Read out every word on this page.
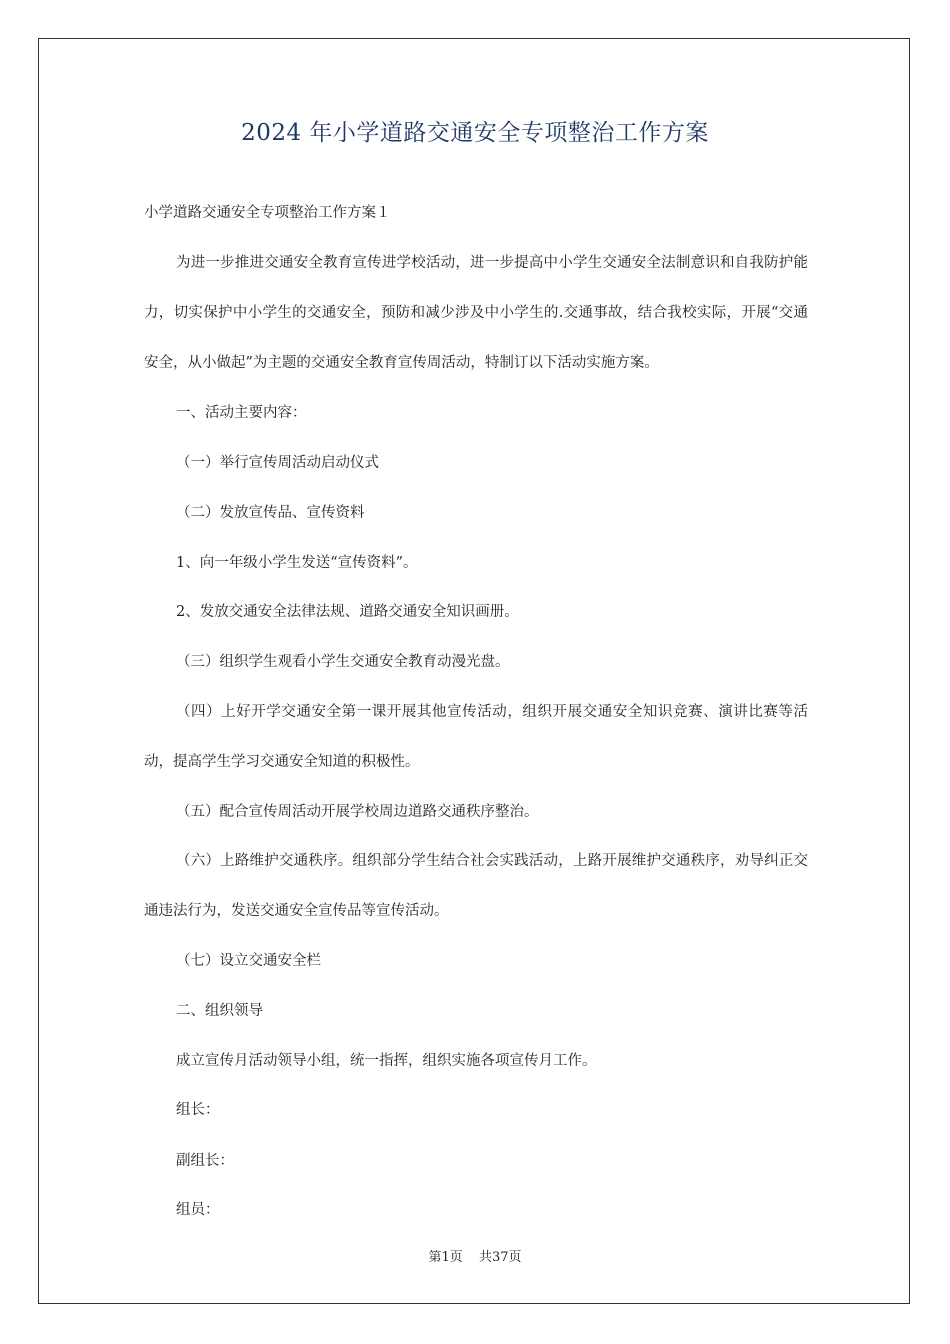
2024 年小学道路交通安全专项整治工作方案
小学道路交通安全专项整治工作方案１
为进一步推进交通安全教育宣传进学校活动，进一步提高中小学生交通安全法制意识和自我防护能力，切实保护中小学生的交通安全，预防和减少涉及中小学生的.交通事故，结合我校实际，开展“交通安全，从小做起”为主题的交通安全教育宣传周活动，特制订以下活动实施方案。
一、活动主要内容：
（一）举行宣传周活动启动仪式
（二）发放宣传品、宣传资料
1、向一年级小学生发送“宣传资料”。
2、发放交通安全法律法规、道路交通安全知识画册。
（三）组织学生观看小学生交通安全教育动漫光盘。
（四）上好开学交通安全第一课开展其他宣传活动，组织开展交通安全知识竞赛、演讲比赛等活动，提高学生学习交通安全知道的积极性。
（五）配合宣传周活动开展学校周边道路交通秩序整治。
（六）上路维护交通秩序。组织部分学生结合社会实践活动，上路开展维护交通秩序，劝导纠正交通违法行为，发送交通安全宣传品等宣传活动。
（七）设立交通安全栏
二、组织领导
成立宣传月活动领导小组，统一指挥，组织实施各项宣传月工作。
组长：
副组长：
组员：
第1页 共37页
